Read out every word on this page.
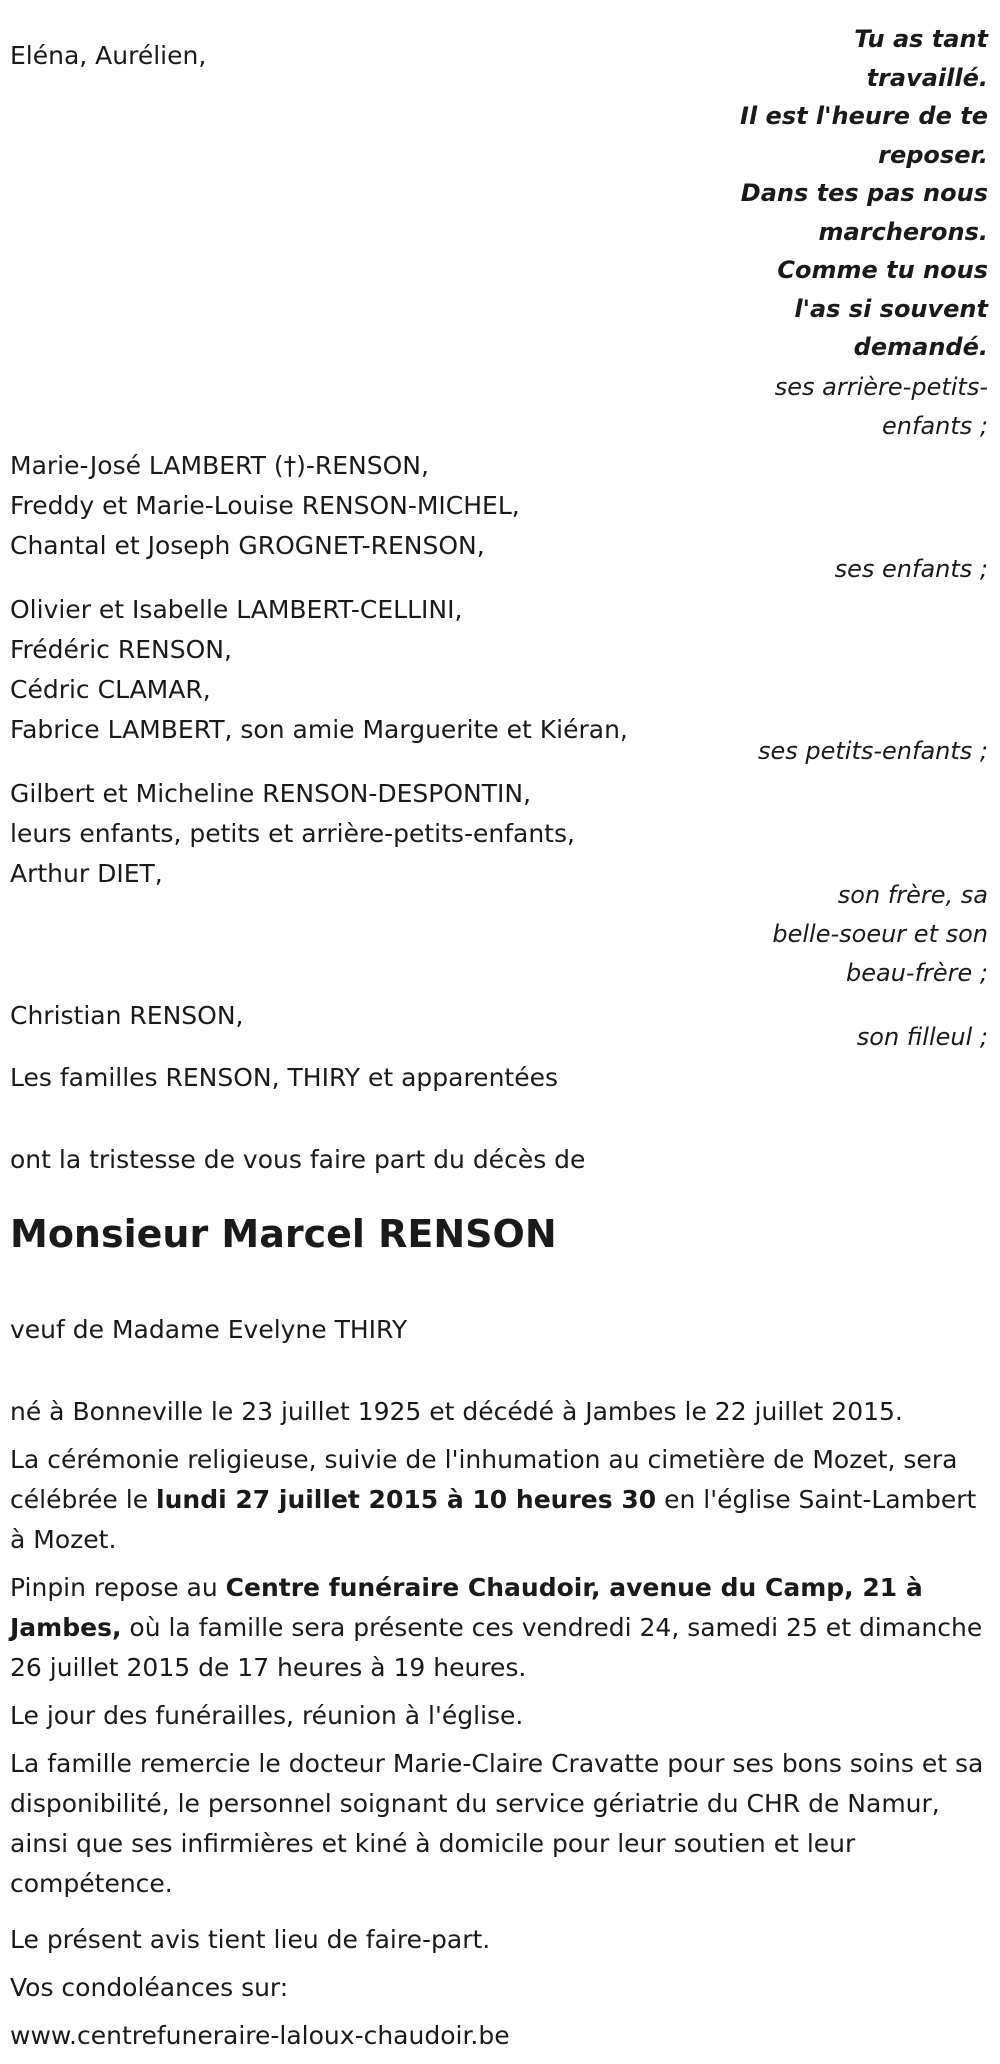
Tu as tant
travaillé.
Il est l'heure de te
reposer.
Dans tes pas nous
marcherons.
Comme tu nous
l'as si souvent
demandé.
Eléna, Aurélien,
ses arrière-petits-
enfants ;
Marie-José LAMBERT (†)-RENSON,
Freddy et Marie-Louise RENSON-MICHEL,
Chantal et Joseph GROGNET-RENSON,
ses enfants ;
Olivier et Isabelle LAMBERT-CELLINI,
Frédéric RENSON,
Cédric CLAMAR,
Fabrice LAMBERT, son amie Marguerite et Kiéran,
ses petits-enfants ;
Gilbert et Micheline RENSON-DESPONTIN,
leurs enfants, petits et arrière-petits-enfants,
Arthur DIET,
son frère, sa
belle-soeur et son
beau-frère ;
Christian RENSON,
son filleul ;
Les familles RENSON, THIRY et apparentées
ont la tristesse de vous faire part du décès de
Monsieur Marcel RENSON
veuf de Madame Evelyne THIRY
né à Bonneville le 23 juillet 1925 et décédé à Jambes le 22 juillet 2015.
La cérémonie religieuse, suivie de l'inhumation au cimetière de Mozet, sera célébrée le lundi 27 juillet 2015 à 10 heures 30 en l'église Saint-Lambert à Mozet.
Pinpin repose au Centre funéraire Chaudoir, avenue du Camp, 21 à Jambes, où la famille sera présente ces vendredi 24, samedi 25 et dimanche 26 juillet 2015 de 17 heures à 19 heures.
Le jour des funérailles, réunion à l'église.
La famille remercie le docteur Marie-Claire Cravatte pour ses bons soins et sa disponibilité, le personnel soignant du service gériatrie du CHR de Namur, ainsi que ses infirmières et kiné à domicile pour leur soutien et leur compétence.
Le présent avis tient lieu de faire-part.
Vos condoléances sur:
www.centrefuneraire-laloux-chaudoir.be
